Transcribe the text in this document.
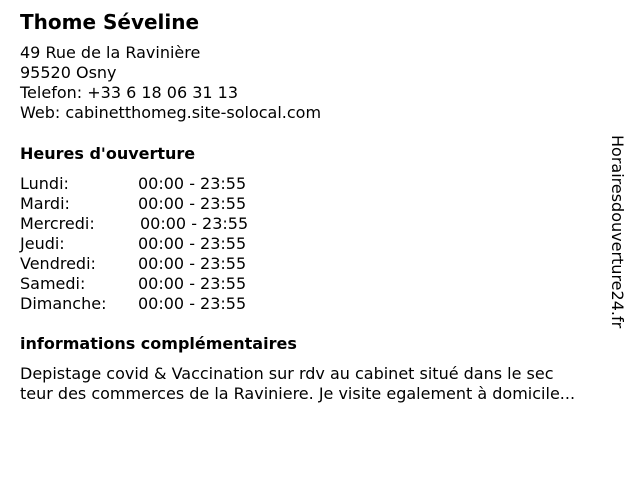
Thome Séveline
49 Rue de la Ravinière
95520 Osny
Telefon: +33 6 18 06 31 13
Web: cabinetthomeg.site-solocal.com
Heures d'ouverture
Lundi:	00:00 - 23:55
Mardi:	00:00 - 23:55
Mercredi:	00:00 - 23:55
Jeudi:	00:00 - 23:55
Vendredi:	00:00 - 23:55
Samedi:	00:00 - 23:55
Dimanche: 00:00 - 23:55
informations complémentaires
Depistage covid & Vaccination sur rdv au cabinet situé dans le sec
teur des commerces de la Raviniere. Je visite egalement à domicile...
Horairesdouverture24.fr
